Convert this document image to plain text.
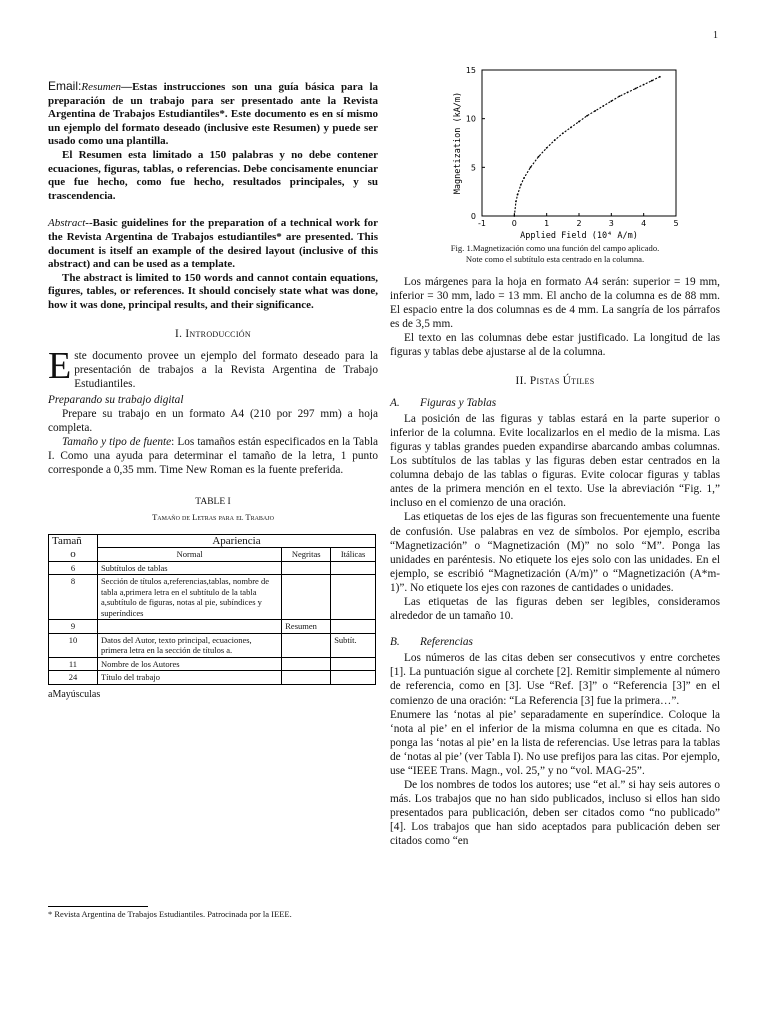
1

Email:Resumen—Estas instrucciones son una guía básica para la preparación de un trabajo para ser presentado ante la Revista Argentina de Trabajos Estudiantiles*. Este documento es en sí mismo un ejemplo del formato deseado (inclusive este Resumen) y puede ser usado como una plantilla.

El Resumen esta limitado a 150 palabras y no debe contener ecuaciones, figuras, tablas, o referencias. Debe concisamente enunciar que fue hecho, como fue hecho, resultados principales, y su trascendencia.

Abstract--Basic guidelines for the preparation of a technical work for the Revista Argentina de Trabajos estudiantiles* are presented. This document is itself an example of the desired layout (inclusive of this abstract) and can be used as a template.

The abstract is limited to 150 words and cannot contain equations, figures, tables, or references. It should concisely state what was done, how it was done, principal results, and their significance.

I. Introducción

Este documento provee un ejemplo del formato deseado para la presentación de trabajos a la Revista Argentina de Trabajo Estudiantiles.

Preparando su trabajo digital

Prepare su trabajo en un formato A4 (210 por 297 mm) a hoja completa.

Tamaño y tipo de fuente: Los tamaños están especificados en la Tabla I. Como una ayuda para determinar el tamaño de la letra, 1 punto corresponde a 0,35 mm. Time New Roman es la fuente preferida.

TABLE I
Tamaño de Letras para el Trabajo
Tamañ	Apariencia		
o	Normal	Negritas	Itálicas
6	Subtítulos de tablas		
8	Sección de títulos a,referencias,tablas, nombre de tabla a,primera letra en el subtítulo de la tabla a,subtítulo de figuras, notas al pie, subíndices y superíndices		
9		Resumen	
10	Datos del Autor, texto principal, ecuaciones, primera letra en la sección de títulos a.		Subtít.
11	Nombre de los Autores		
24	Título del trabajo		
aMayúsculas
* Revista Argentina de Trabajos Estudiantiles. Patrocinada por la IEEE.
-1	0	1	2	3	4	5
0
5
10
15
Applied Field (10⁴ A/m)
Magnetization (kA/m)
Fig. 1.Magnetización como una función del campo aplicado.
Note como el subtítulo esta centrado en la columna.

Los márgenes para la hoja en formato A4 serán: superior = 19 mm, inferior = 30 mm, lado = 13 mm. El ancho de la columna es de 88 mm. El espacio entre la dos columnas es de 4 mm. La sangría de los párrafos es de 3,5 mm.

El texto en las columnas debe estar justificado. La longitud de las figuras y tablas debe ajustarse al de la columna.

II. Pistas Útiles
A. Figuras y Tablas

La posición de las figuras y tablas estará en la parte superior o inferior de la columna. Evite localizarlos en el medio de la misma. Las figuras y tablas grandes pueden expandirse abarcando ambas columnas. Los subtítulos de las tablas y las figuras deben estar centrados en la columna debajo de las tablas o figuras. Evite colocar figuras y tablas antes de la primera mención en el texto. Use la abreviación “Fig. 1,” incluso en el comienzo de una oración.

Las etiquetas de los ejes de las figuras son frecuentemente una fuente de confusión. Use palabras en vez de símbolos. Por ejemplo, escriba “Magnetización” o “Magnetización (M)” no solo “M”. Ponga las unidades en paréntesis. No etiquete los ejes solo con las unidades. En el ejemplo, se escribió “Magnetización (A/m)” o “Magnetización (A*m-1)”. No etiquete los ejes con razones de cantidades o unidades.

Las etiquetas de las figuras deben ser legibles, consideramos alrededor de un tamaño 10.

B. Referencias

Los números de las citas deben ser consecutivos y entre corchetes [1]. La puntuación sigue al corchete [2]. Remitir simplemente al número de referencia, como en [3]. Use “Ref. [3]” o “Referencia [3]” en el comienzo de una oración: “La Referencia [3] fue la primera…”.

Enumere las ‘notas al pie’ separadamente en superíndice. Coloque la ‘nota al pie’ en el inferior de la misma columna en que es citada. No ponga las ‘notas al pie’ en la lista de referencias. Use letras para la tablas de ‘notas al pie’ (ver Tabla I). No use prefijos para las citas. Por ejemplo, use “IEEE Trans. Magn., vol. 25,” y no “vol. MAG-25”.

De los nombres de todos los autores; use “et al.” si hay seis autores o más. Los trabajos que no han sido publicados, incluso si ellos han sido presentados para publicación, deben ser citados como “no publicado” [4]. Los trabajos que han sido aceptados para publicación deben ser citados como “en
